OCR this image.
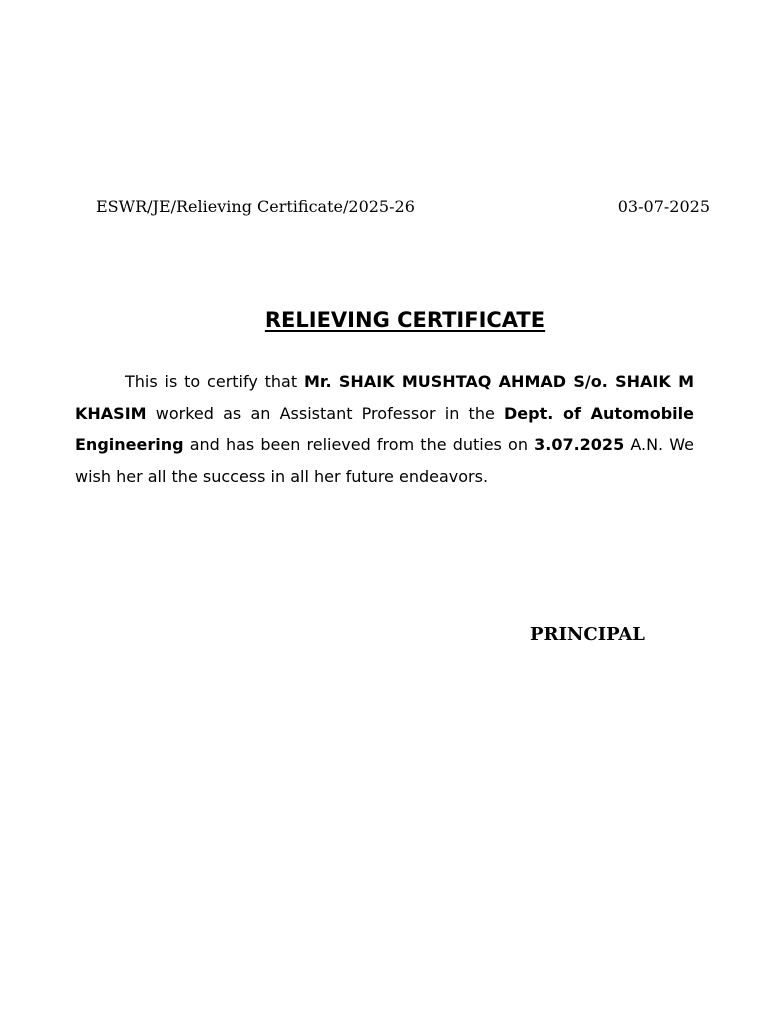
ESWR/JE/Relieving Certificate/2025-26	03-07-2025
RELIEVING CERTIFICATE
This is to certify that Mr. SHAIK MUSHTAQ AHMAD S/o. SHAIK M KHASIM worked as an Assistant Professor in the Dept. of Automobile Engineering and has been relieved from the duties on 3.07.2025 A.N. We wish her all the success in all her future endeavors.
PRINCIPAL
